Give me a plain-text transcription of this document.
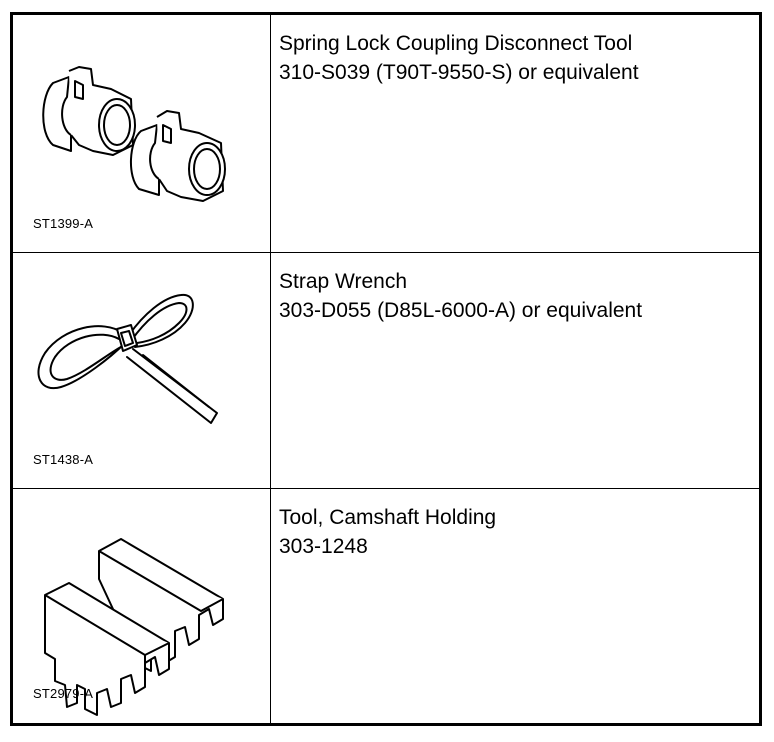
ST1399-A
Spring Lock Coupling Disconnect Tool
310-S039 (T90T-9550-S) or equivalent
ST1438-A
Strap Wrench
303-D055 (D85L-6000-A) or equivalent
ST2979-A
Tool, Camshaft Holding
303-1248
